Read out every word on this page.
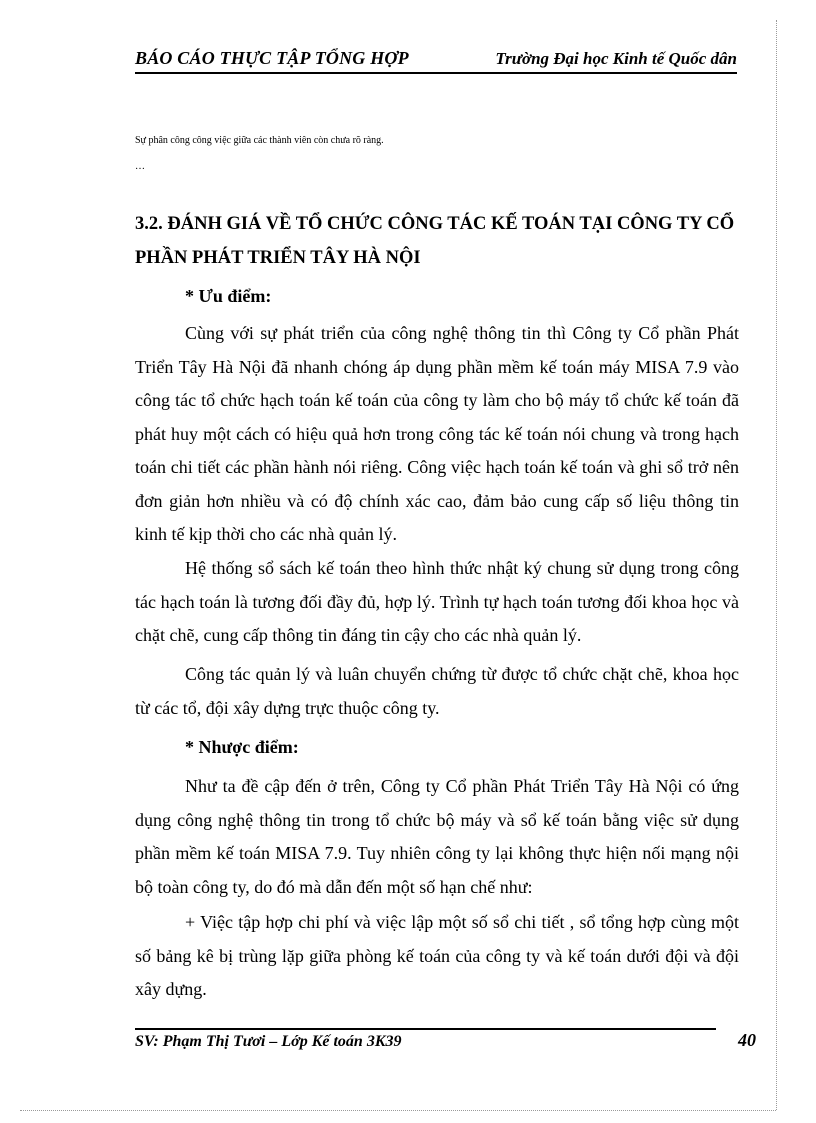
BÁO CÁO THỰC TẬP TỔNG HỢP	Trường Đại học Kinh tế Quốc dân
Sự phân công công việc giữa các thành viên còn chưa rõ ràng.
…
3.2. ĐÁNH GIÁ VỀ TỔ CHỨC CÔNG TÁC KẾ TOÁN TẠI CÔNG TY CỔ PHẦN PHÁT TRIỂN TÂY HÀ NỘI
* Ưu điểm:
Cùng với sự phát triển của công nghệ thông tin thì Công ty Cổ phần Phát Triển Tây Hà Nội đã nhanh chóng áp dụng phần mềm kế toán máy MISA 7.9 vào công tác tổ chức hạch toán kế toán của công ty làm cho bộ máy tổ chức kế toán đã phát huy một cách có hiệu quả hơn trong công tác kế toán nói chung và trong hạch toán chi tiết các phần hành nói riêng. Công việc hạch toán kế toán và ghi sổ trở nên đơn giản hơn nhiều và có độ chính xác cao, đảm bảo cung cấp số liệu thông tin kinh tế kịp thời cho các nhà quản lý.
Hệ thống sổ sách kế toán theo hình thức nhật ký chung sử dụng trong công tác hạch toán là tương đối đầy đủ, hợp lý. Trình tự hạch toán tương đối khoa học và chặt chẽ, cung cấp thông tin đáng tin cậy cho các nhà quản lý.
Công tác quản lý và luân chuyển chứng từ được tổ chức chặt chẽ, khoa học từ các tổ, đội xây dựng trực thuộc công ty.
* Nhược điểm:
Như ta đề cập đến ở trên, Công ty Cổ phần Phát Triển Tây Hà Nội có ứng dụng công nghệ thông tin trong tổ chức bộ máy và sổ kế toán bằng việc sử dụng phần mềm kế toán MISA 7.9. Tuy nhiên công ty lại không thực hiện nối mạng nội bộ toàn công ty, do đó mà dẫn đến một số hạn chế như:
+ Việc tập hợp chi phí và việc lập một số sổ chi tiết , sổ tổng hợp cùng một số bảng kê bị trùng lặp giữa phòng kế toán của công ty và kế toán dưới đội và đội xây dựng.
SV: Phạm Thị Tươi – Lớp Kế toán 3K39	40
